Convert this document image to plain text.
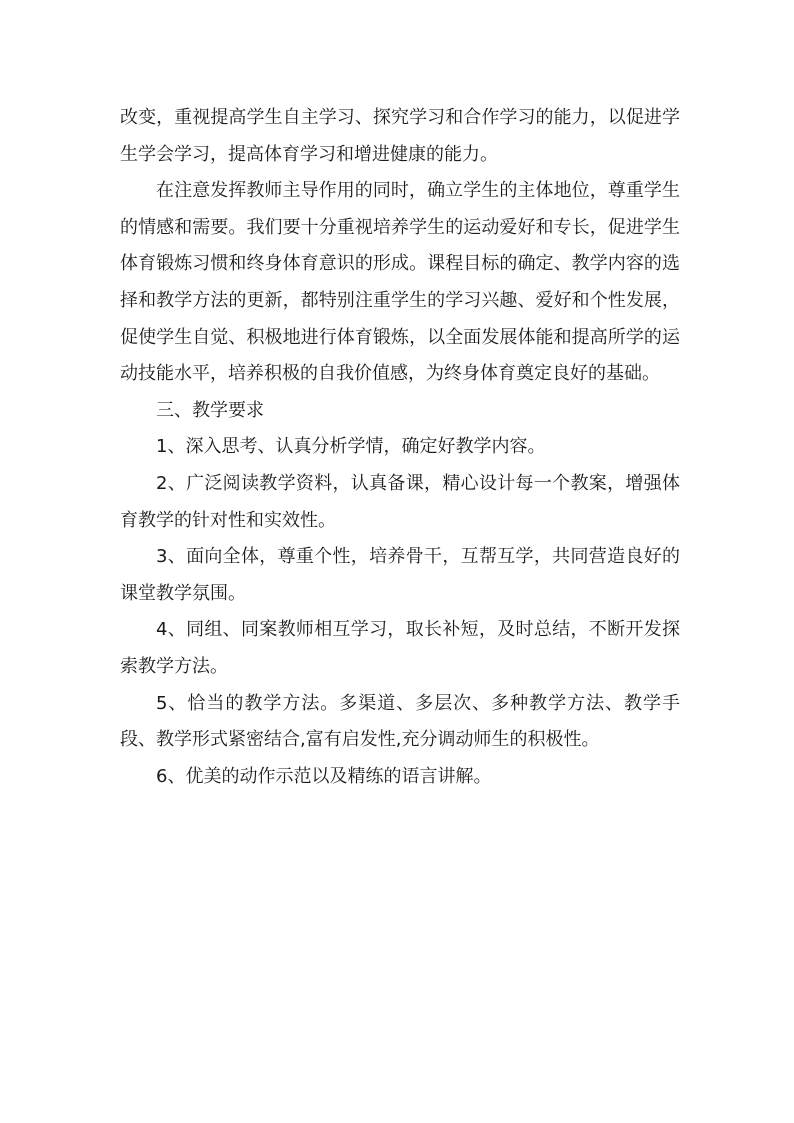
改变，重视提高学生自主学习、探究学习和合作学习的能力，以促进学生学会学习，提高体育学习和增进健康的能力。

在注意发挥教师主导作用的同时，确立学生的主体地位，尊重学生的情感和需要。我们要十分重视培养学生的运动爱好和专长，促进学生体育锻炼习惯和终身体育意识的形成。课程目标的确定、教学内容的选择和教学方法的更新，都特别注重学生的学习兴趣、爱好和个性发展，促使学生自觉、积极地进行体育锻炼，以全面发展体能和提高所学的运动技能水平，培养积极的自我价值感，为终身体育奠定良好的基础。

三、教学要求

1、深入思考、认真分析学情，确定好教学内容。

2、广泛阅读教学资料，认真备课，精心设计每一个教案，增强体育教学的针对性和实效性。

3、面向全体，尊重个性，培养骨干，互帮互学，共同营造良好的课堂教学氛围。

4、同组、同案教师相互学习，取长补短，及时总结，不断开发探索教学方法。

5、恰当的教学方法。多渠道、多层次、多种教学方法、教学手段、教学形式紧密结合,富有启发性,充分调动师生的积极性。

6、优美的动作示范以及精练的语言讲解。
